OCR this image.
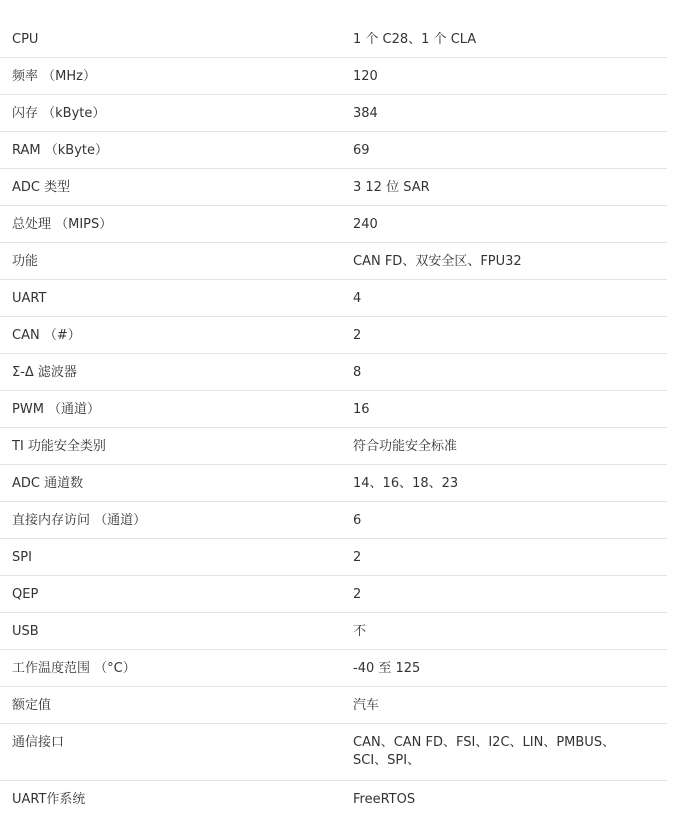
CPU	1 个 C28、1 个 CLA
频率 （MHz）	120
闪存 （kByte）	384
RAM （kByte）	69
ADC 类型	3 12 位 SAR
总处理 （MIPS）	240
功能	CAN FD、双安全区、FPU32
UART	4
CAN （#）	2
Σ-Δ 滤波器	8
PWM （通道）	16
TI 功能安全类别	符合功能安全标准
ADC 通道数	14、16、18、23
直接内存访问 （通道）	6
SPI	2
QEP	2
USB	不
工作温度范围 （°C）	-40 至 125
额定值	汽车
通信接口	CAN、CAN FD、FSI、I2C、LIN、PMBUS、SCI、SPI、
UART作系统	FreeRTOS
